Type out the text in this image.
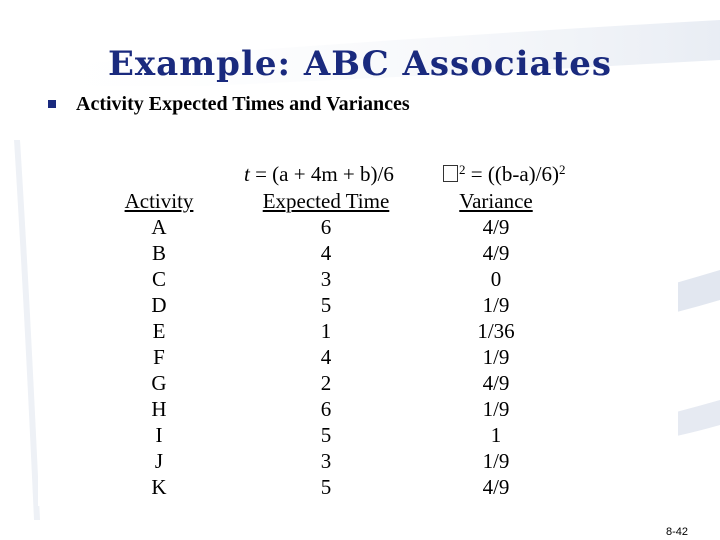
Example: ABC Associates
Activity Expected Times and Variances
t = (a + 4m + b)/6	$^2 = ((b-a)/6)^2$
Activity
A
B
C
D
E
F
G
H
I
J
K
Expected Time
6
4
3
5
1
4
2
6
5
3
5
Variance
4/9
4/9
0
1/9
1/36
1/9
4/9
1/9
1
1/9
4/9
8-42
